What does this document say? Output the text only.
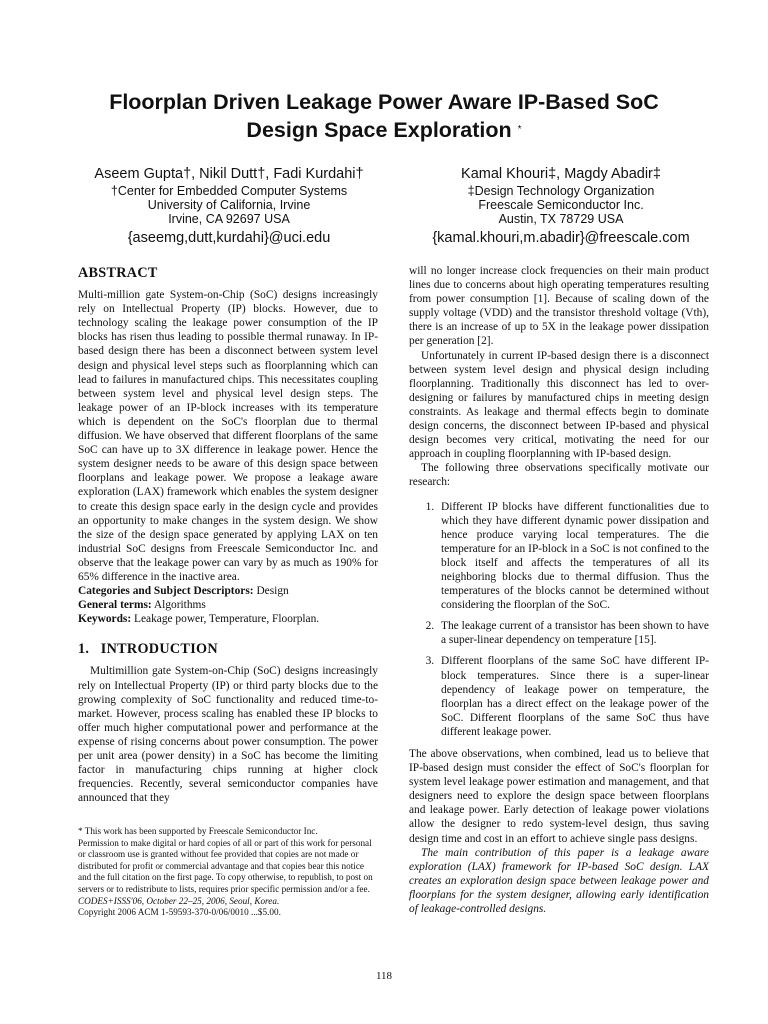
Floorplan Driven Leakage Power Aware IP-Based SoC
Design Space Exploration *
Aseem Gupta†, Nikil Dutt†, Fadi Kurdahi†
†Center for Embedded Computer Systems
University of California, Irvine
Irvine, CA 92697 USA
{aseemg,dutt,kurdahi}@uci.edu
Kamal Khouri‡, Magdy Abadir‡
‡Design Technology Organization
Freescale Semiconductor Inc.
Austin, TX 78729 USA
{kamal.khouri,m.abadir}@freescale.com
ABSTRACT

Multi-million gate System-on-Chip (SoC) designs increasingly rely on Intellectual Property (IP) blocks. However, due to technology scaling the leakage power consumption of the IP blocks has risen thus leading to possible thermal runaway. In IP-based design there has been a disconnect between system level design and physical level steps such as floorplanning which can lead to failures in manufactured chips. This necessitates coupling between system level and physical level design steps. The leakage power of an IP-block increases with its temperature which is dependent on the SoC's floorplan due to thermal diffusion. We have observed that different floorplans of the same SoC can have up to 3X difference in leakage power. Hence the system designer needs to be aware of this design space between floorplans and leakage power. We propose a leakage aware exploration (LAX) framework which enables the system designer to create this design space early in the design cycle and provides an opportunity to make changes in the system design. We show the size of the design space generated by applying LAX on ten industrial SoC designs from Freescale Semiconductor Inc. and observe that the leakage power can vary by as much as 190% for 65% difference in the inactive area.

Categories and Subject Descriptors: Design

General terms: Algorithms

Keywords: Leakage power, Temperature, Floorplan.

1.   INTRODUCTION

Multimillion gate System-on-Chip (SoC) designs increasingly rely on Intellectual Property (IP) or third party blocks due to the growing complexity of SoC functionality and reduced time-to-market. However, process scaling has enabled these IP blocks to offer much higher computational power and performance at the expense of rising concerns about power consumption. The power per unit area (power density) in a SoC has become the limiting factor in manufacturing chips running at higher clock frequencies. Recently, several semiconductor companies have announced that they

* This work has been supported by Freescale Semiconductor Inc.

Permission to make digital or hard copies of all or part of this work for personal or classroom use is granted without fee provided that copies are not made or distributed for profit or commercial advantage and that copies bear this notice and the full citation on the first page. To copy otherwise, to republish, to post on servers or to redistribute to lists, requires prior specific permission and/or a fee.

CODES+ISSS'06, October 22–25, 2006, Seoul, Korea.

Copyright 2006 ACM 1-59593-370-0/06/0010 ...$5.00.

will no longer increase clock frequencies on their main product lines due to concerns about high operating temperatures resulting from power consumption [1]. Because of scaling down of the supply voltage (VDD) and the transistor threshold voltage (Vth), there is an increase of up to 5X in the leakage power dissipation per generation [2].

Unfortunately in current IP-based design there is a disconnect between system level design and physical design including floorplanning. Traditionally this disconnect has led to over-designing or failures by manufactured chips in meeting design constraints. As leakage and thermal effects begin to dominate design concerns, the disconnect between IP-based and physical design becomes very critical, motivating the need for our approach in coupling floorplanning with IP-based design.

The following three observations specifically motivate our research:

1. Different IP blocks have different functionalities due to which they have different dynamic power dissipation and hence produce varying local temperatures. The die temperature for an IP-block in a SoC is not confined to the block itself and affects the temperatures of all its neighboring blocks due to thermal diffusion. Thus the temperatures of the blocks cannot be determined without considering the floorplan of the SoC.
2. The leakage current of a transistor has been shown to have a super-linear dependency on temperature [15].
3. Different floorplans of the same SoC have different IP-block temperatures. Since there is a super-linear dependency of leakage power on temperature, the floorplan has a direct effect on the leakage power of the SoC. Different floorplans of the same SoC thus have different leakage power.

The above observations, when combined, lead us to believe that IP-based design must consider the effect of SoC's floorplan for system level leakage power estimation and management, and that designers need to explore the design space between floorplans and leakage power. Early detection of leakage power violations allow the designer to redo system-level design, thus saving design time and cost in an effort to achieve single pass designs.

The main contribution of this paper is a leakage aware exploration (LAX) framework for IP-based SoC design. LAX creates an exploration design space between leakage power and floorplans for the system designer, allowing early identification of leakage-controlled designs.

118
